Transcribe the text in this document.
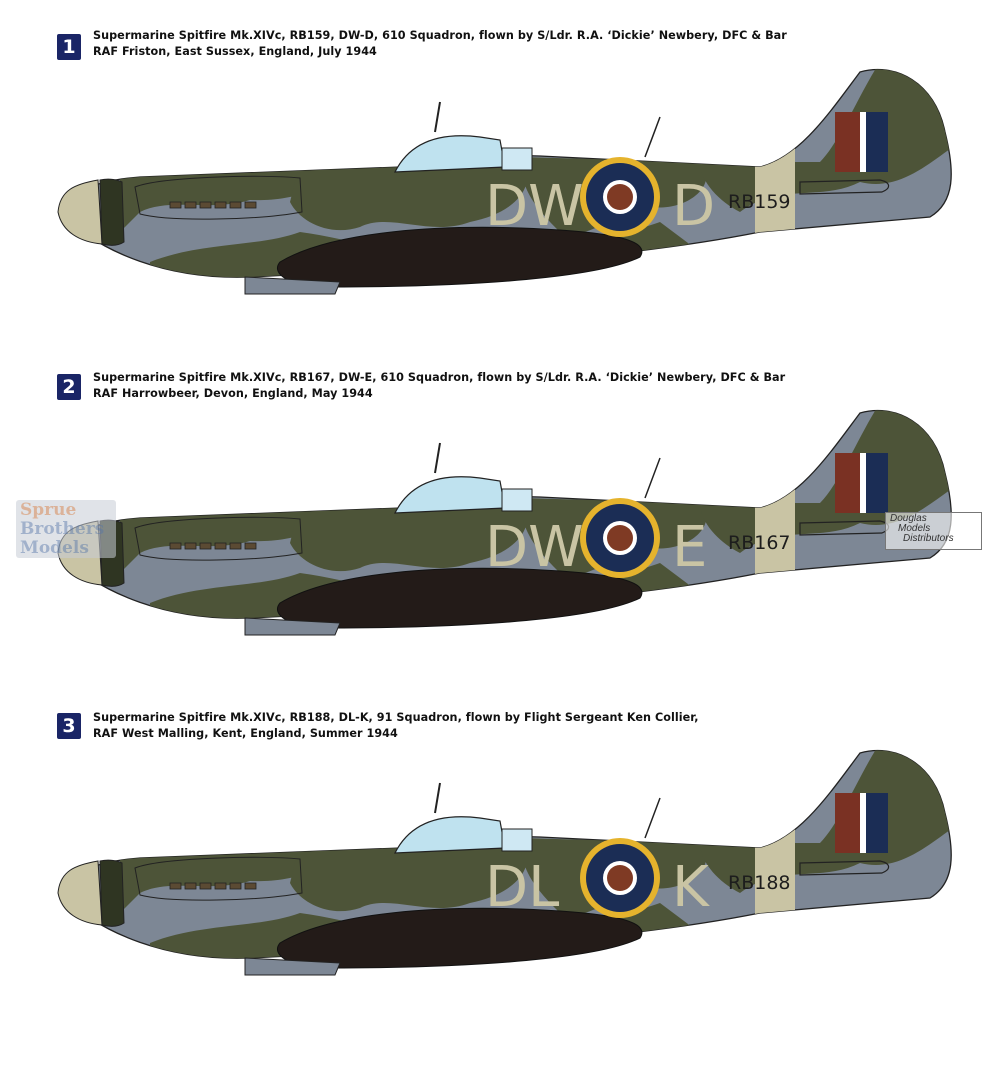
1
Supermarine Spitfire Mk.XIVc, RB159, DW-D, 610 Squadron, flown by S/Ldr. R.A. ‘Dickie’ Newbery, DFC & Bar
RAF Friston, East Sussex, England, July 1944
2	Supermarine Spitfire Mk.XIVc, RB167, DW-E, 610 Squadron, flown by S/Ldr. R.A. ‘Dickie’ Newbery, DFC & Bar
RAF Harrowbeer, Devon, England, May 1944
3	Supermarine Spitfire Mk.XIVc, RB188, DL-K, 91 Squadron, flown by Flight Sergeant Ken Collier,
RAF West Malling, Kent, England, Summer 1944
DW D RB159
DW E RB167
DL K RB188
Sprue
Brothers
Models
Douglas
Models
Distributors
